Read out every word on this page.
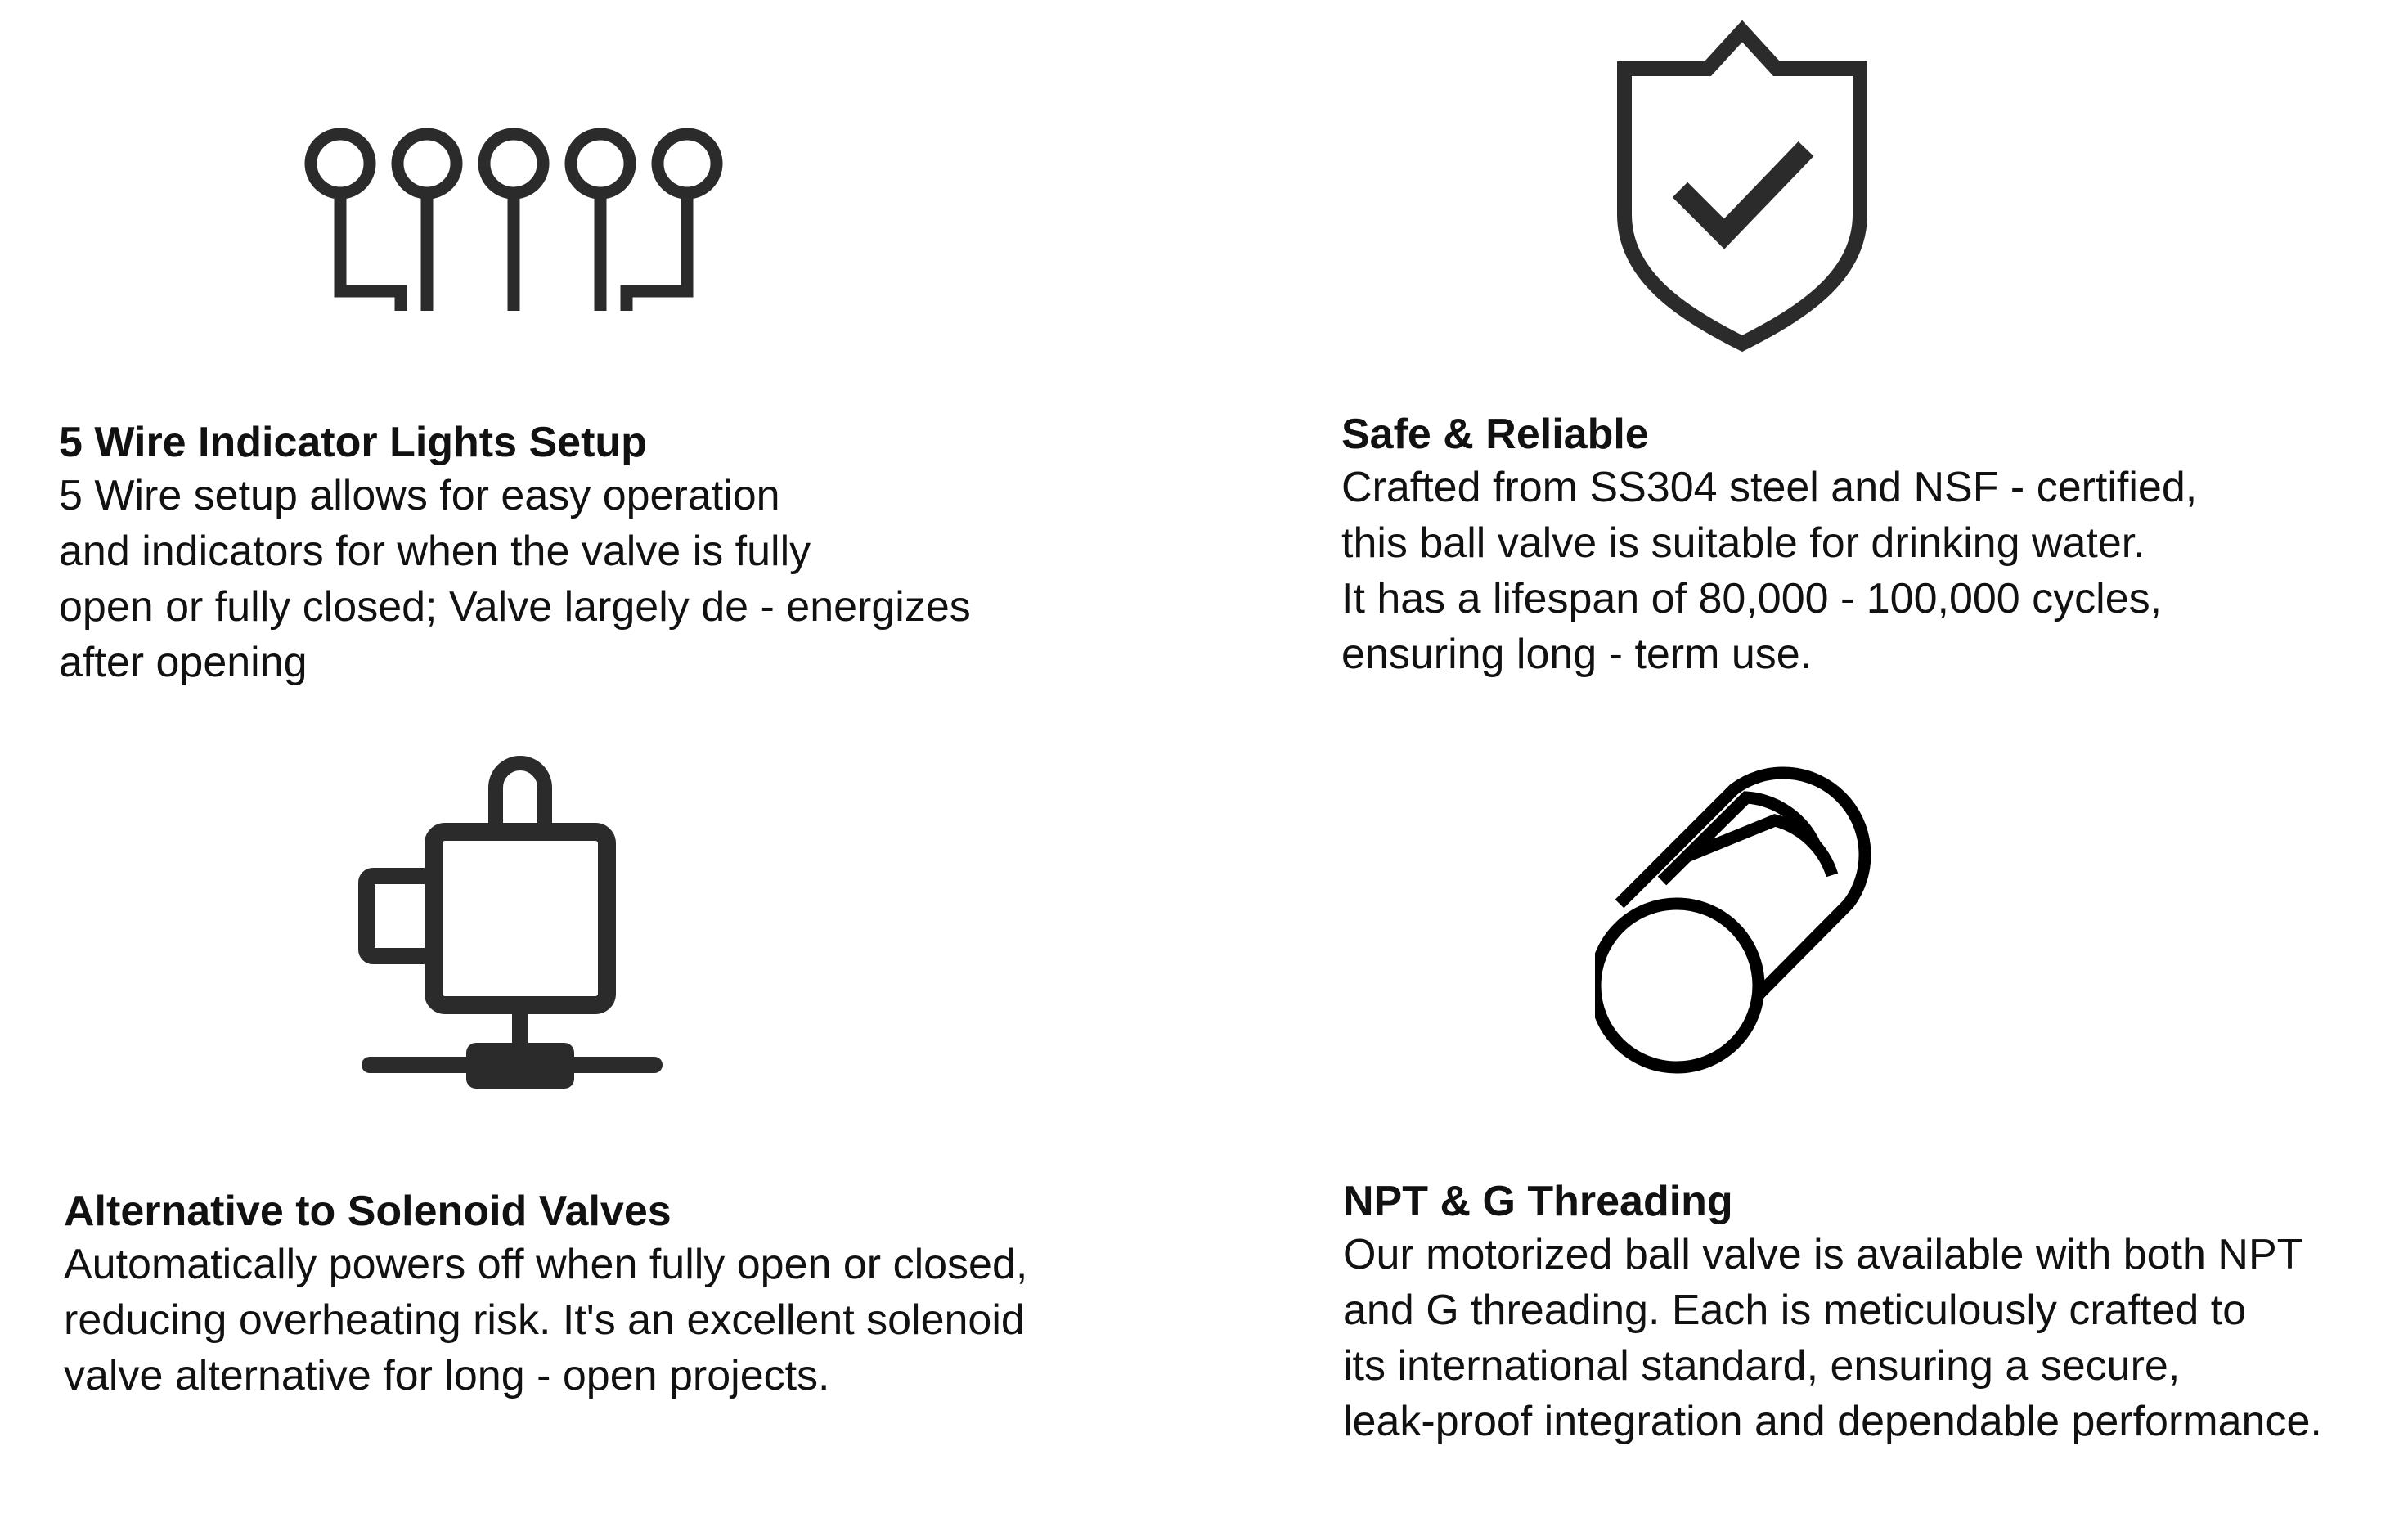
5 Wire Indicator Lights Setup

5 Wire setup allows for easy operation

and indicators for when the valve is fully

open or fully closed; Valve largely de - energizes

after opening

Safe & Reliable

Crafted from SS304 steel and NSF - certified,

this ball valve is suitable for drinking water.

It has a lifespan of 80,000 - 100,000 cycles,

ensuring long - term use.

Alternative to Solenoid Valves

Automatically powers off when fully open or closed,

reducing overheating risk. It's an excellent solenoid

valve alternative for long - open projects.

NPT & G Threading

Our motorized ball valve is available with both NPT

and G threading. Each is meticulously crafted to

its international standard, ensuring a secure,

leak-proof integration and dependable performance.
